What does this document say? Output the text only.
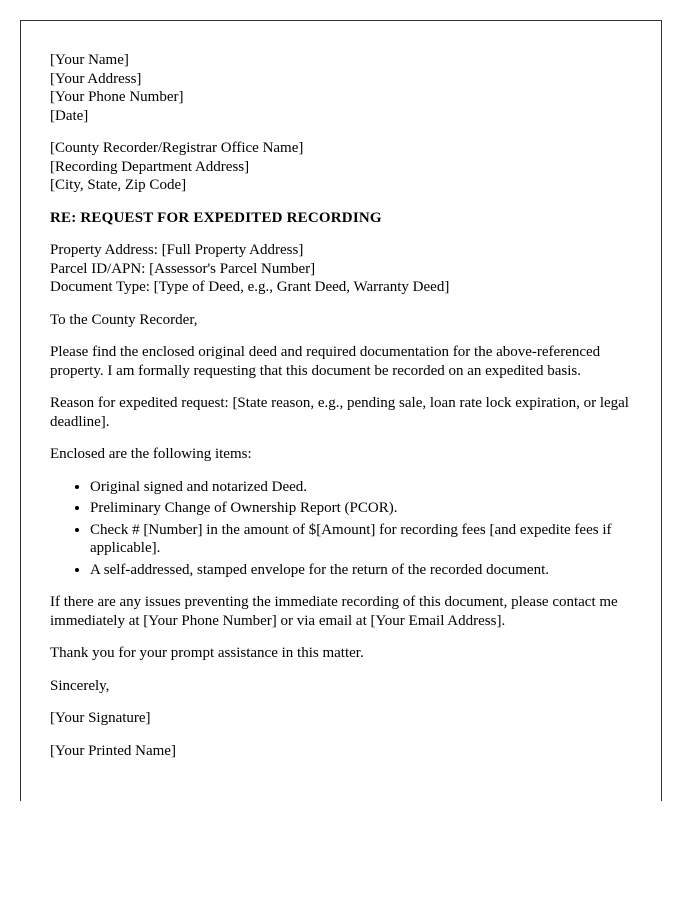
[Your Name]
[Your Address]
[Your Phone Number]
[Date]
[County Recorder/Registrar Office Name]
[Recording Department Address]
[City, State, Zip Code]

RE: REQUEST FOR EXPEDITED RECORDING

Property Address: [Full Property Address]
Parcel ID/APN: [Assessor's Parcel Number]
Document Type: [Type of Deed, e.g., Grant Deed, Warranty Deed]

To the County Recorder,

Please find the enclosed original deed and required documentation for the above-referenced property. I am formally requesting that this document be recorded on an expedited basis.

Reason for expedited request: [State reason, e.g., pending sale, loan rate lock expiration, or legal deadline].

Enclosed are the following items:

• Original signed and notarized Deed.
• Preliminary Change of Ownership Report (PCOR).
• Check # [Number] in the amount of $[Amount] for recording fees [and expedite fees if applicable].
• A self-addressed, stamped envelope for the return of the recorded document.

If there are any issues preventing the immediate recording of this document, please contact me immediately at [Your Phone Number] or via email at [Your Email Address].

Thank you for your prompt assistance in this matter.

Sincerely,

[Your Signature]

[Your Printed Name]
